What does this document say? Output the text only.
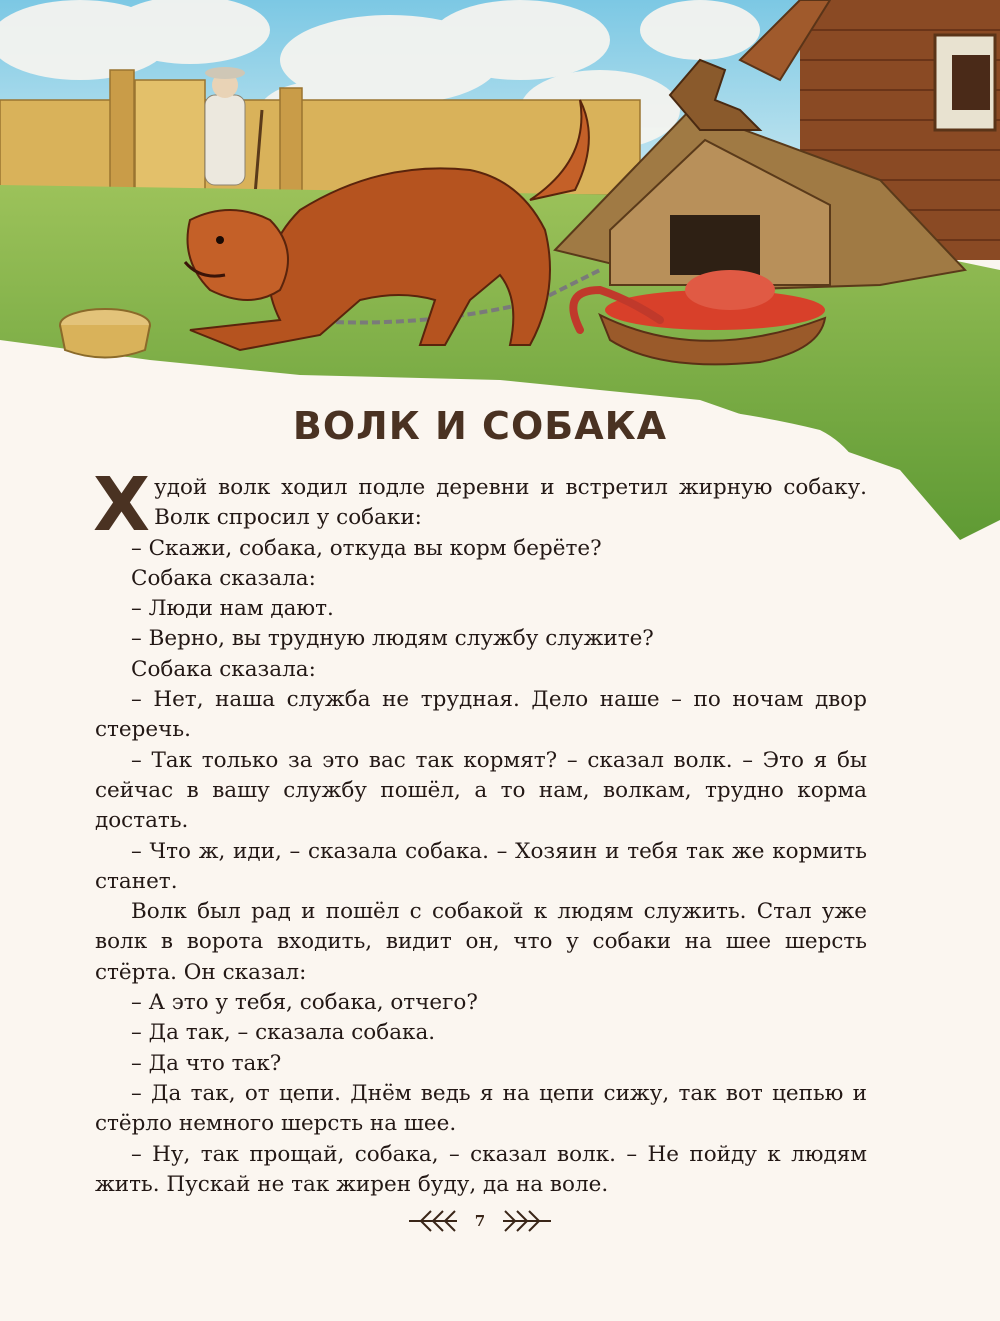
ВОЛК И СОБАКА

Худой волк ходил подле деревни и встретил жирную собаку. Волк спросил у собаки:

– Скажи, собака, откуда вы корм берёте?

Собака сказала:

– Люди нам дают.

– Верно, вы трудную людям службу служите?

Собака сказала:

– Нет, наша служба не трудная. Дело наше – по ночам двор стеречь.

– Так только за это вас так кормят? – сказал волк. – Это я бы сейчас в вашу службу пошёл, а то нам, волкам, трудно корма достать.

– Что ж, иди, – сказала собака. – Хозяин и тебя так же кормить станет.

Волк был рад и пошёл с собакой к людям служить. Стал уже волк в ворота входить, видит он, что у собаки на шее шерсть стёрта. Он сказал:

– А это у тебя, собака, отчего?

– Да так, – сказала собака.

– Да что так?

– Да так, от цепи. Днём ведь я на цепи сижу, так вот цепью и стёрло немного шерсть на шее.

– Ну, так прощай, собака, – сказал волк. – Не пойду к людям жить. Пускай не так жирен буду, да на воле.

7
